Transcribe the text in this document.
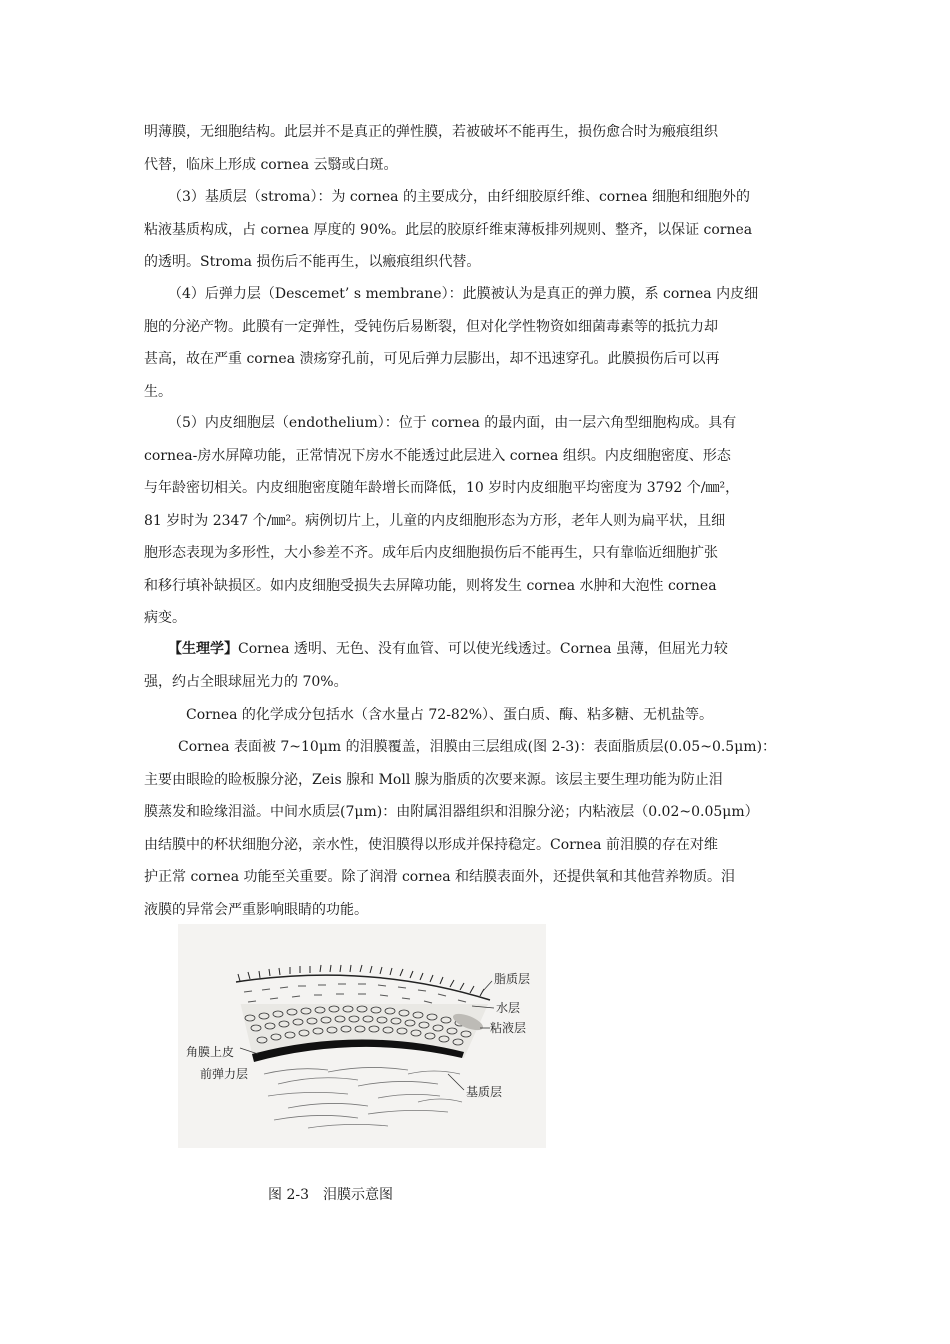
明薄膜，无细胞结构。此层并不是真正的弹性膜，若被破坏不能再生，损伤愈合时为瘢痕组织
代替，临床上形成 cornea 云翳或白斑。
（3）基质层（stroma）：为 cornea 的主要成分，由纤细胶原纤维、cornea 细胞和细胞外的
粘液基质构成，占 cornea 厚度的 90%。此层的胶原纤维束薄板排列规则、整齐，以保证 cornea
的透明。Stroma 损伤后不能再生，以瘢痕组织代替。
（4）后弹力层（Descemet’ s membrane）：此膜被认为是真正的弹力膜，系 cornea 内皮细
胞的分泌产物。此膜有一定弹性，受钝伤后易断裂，但对化学性物资如细菌毒素等的抵抗力却
甚高，故在严重 cornea 溃疡穿孔前，可见后弹力层膨出，却不迅速穿孔。此膜损伤后可以再
生。
（5）内皮细胞层（endothelium）：位于 cornea 的最内面，由一层六角型细胞构成。具有
cornea-房水屏障功能，正常情况下房水不能透过此层进入 cornea 组织。内皮细胞密度、形态
与年龄密切相关。内皮细胞密度随年龄增长而降低，10 岁时内皮细胞平均密度为 3792 个/㎜²，
81 岁时为 2347 个/㎜²。病例切片上，儿童的内皮细胞形态为方形，老年人则为扁平状，且细
胞形态表现为多形性，大小参差不齐。成年后内皮细胞损伤后不能再生，只有靠临近细胞扩张
和移行填补缺损区。如内皮细胞受损失去屏障功能，则将发生 cornea 水肿和大泡性 cornea
病变。
【生理学】Cornea 透明、无色、没有血管、可以使光线透过。Cornea 虽薄，但屈光力较
强，约占全眼球屈光力的 70%。
Cornea 的化学成分包括水（含水量占 72-82%）、蛋白质、酶、粘多糖、无机盐等。
Cornea 表面被 7~10μm 的泪膜覆盖，泪膜由三层组成(图 2-3)：表面脂质层(0.05~0.5μm)：
主要由眼睑的睑板腺分泌，Zeis 腺和 Moll 腺为脂质的次要来源。该层主要生理功能为防止泪
膜蒸发和睑缘泪溢。中间水质层(7μm)：由附属泪器组织和泪腺分泌；内粘液层（0.02~0.05μm）
由结膜中的杯状细胞分泌，亲水性，使泪膜得以形成并保持稳定。Cornea 前泪膜的存在对维
护正常 cornea 功能至关重要。除了润滑 cornea 和结膜表面外，还提供氧和其他营养物质。泪
液膜的异常会严重影响眼睛的功能。
脂质层
水层
粘液层
角膜上皮
前弹力层
基质层
图 2-3　泪膜示意图
